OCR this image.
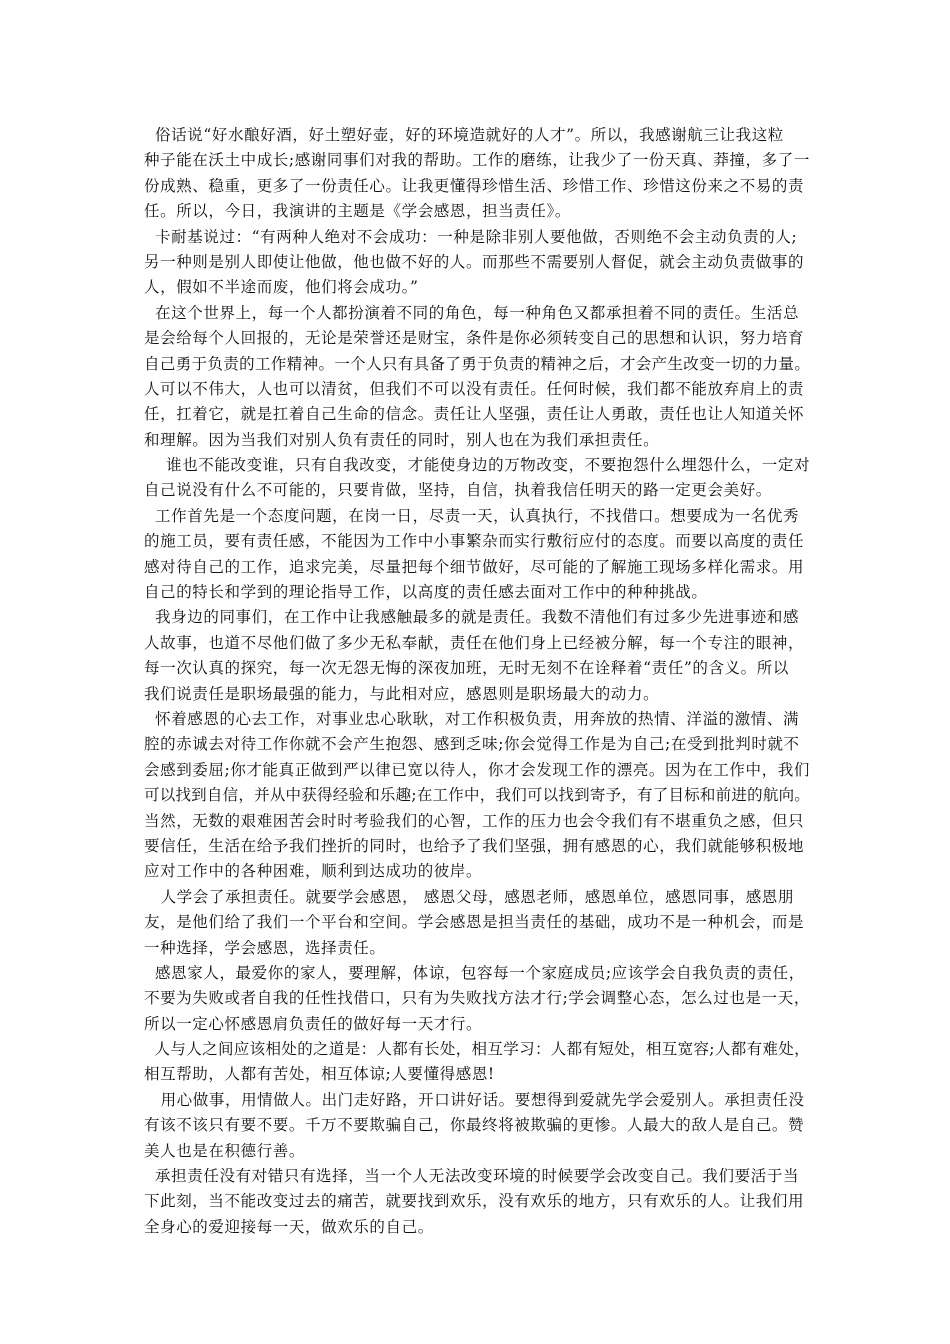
俗话说“好水酿好酒，好土塑好壶，好的环境造就好的人才”。所以，我感谢航三让我这粒
种子能在沃土中成长;感谢同事们对我的帮助。工作的磨练，让我少了一份天真、莽撞，多了一
份成熟、稳重，更多了一份责任心。让我更懂得珍惜生活、珍惜工作、珍惜这份来之不易的责
任。所以，今日，我演讲的主题是《学会感恩，担当责任》。
卡耐基说过：“有两种人绝对不会成功：一种是除非别人要他做，否则绝不会主动负责的人;
另一种则是别人即使让他做，他也做不好的人。而那些不需要别人督促，就会主动负责做事的
人，假如不半途而废，他们将会成功。”
在这个世界上，每一个人都扮演着不同的角色，每一种角色又都承担着不同的责任。生活总
是会给每个人回报的，无论是荣誉还是财宝，条件是你必须转变自己的思想和认识，努力培育
自己勇于负责的工作精神。一个人只有具备了勇于负责的精神之后，才会产生改变一切的力量。
人可以不伟大，人也可以清贫，但我们不可以没有责任。任何时候，我们都不能放弃肩上的责
任，扛着它，就是扛着自己生命的信念。责任让人坚强，责任让人勇敢，责任也让人知道关怀
和理解。因为当我们对别人负有责任的同时，别人也在为我们承担责任。
谁也不能改变谁，只有自我改变，才能使身边的万物改变，不要抱怨什么埋怨什么，一定对
自己说没有什么不可能的，只要肯做，坚持，自信，执着我信任明天的路一定更会美好。
工作首先是一个态度问题，在岗一日，尽责一天，认真执行，不找借口。想要成为一名优秀
的施工员，要有责任感，不能因为工作中小事繁杂而实行敷衍应付的态度。而要以高度的责任
感对待自己的工作，追求完美，尽量把每个细节做好，尽可能的了解施工现场多样化需求。用
自己的特长和学到的理论指导工作，以高度的责任感去面对工作中的种种挑战。
我身边的同事们，在工作中让我感触最多的就是责任。我数不清他们有过多少先进事迹和感
人故事，也道不尽他们做了多少无私奉献，责任在他们身上已经被分解，每一个专注的眼神，
每一次认真的探究，每一次无怨无悔的深夜加班，无时无刻不在诠释着“责任”的含义。所以
我们说责任是职场最强的能力，与此相对应，感恩则是职场最大的动力。
怀着感恩的心去工作，对事业忠心耿耿，对工作积极负责，用奔放的热情、洋溢的激情、满
腔的赤诚去对待工作你就不会产生抱怨、感到乏味;你会觉得工作是为自己;在受到批判时就不
会感到委屈;你才能真正做到严以律已宽以待人，你才会发现工作的漂亮。因为在工作中，我们
可以找到自信，并从中获得经验和乐趣;在工作中，我们可以找到寄予，有了目标和前进的航向。
当然，无数的艰难困苦会时时考验我们的心智，工作的压力也会令我们有不堪重负之感，但只
要信任，生活在给予我们挫折的同时，也给予了我们坚强，拥有感恩的心，我们就能够积极地
应对工作中的各种困难，顺利到达成功的彼岸。
人学会了承担责任。就要学会感恩， 感恩父母，感恩老师，感恩单位，感恩同事，感恩朋
友，是他们给了我们一个平台和空间。学会感恩是担当责任的基础，成功不是一种机会，而是
一种选择，学会感恩，选择责任。
感恩家人，最爱你的家人，要理解，体谅，包容每一个家庭成员;应该学会自我负责的责任，
不要为失败或者自我的任性找借口，只有为失败找方法才行;学会调整心态，怎么过也是一天，
所以一定心怀感恩肩负责任的做好每一天才行。
人与人之间应该相处的之道是：人都有长处，相互学习：人都有短处，相互宽容;人都有难处，
相互帮助，人都有苦处，相互体谅;人要懂得感恩!
用心做事，用情做人。出门走好路，开口讲好话。要想得到爱就先学会爱别人。承担责任没
有该不该只有要不要。千万不要欺骗自己，你最终将被欺骗的更惨。人最大的敌人是自己。赞
美人也是在积德行善。
承担责任没有对错只有选择，当一个人无法改变环境的时候要学会改变自己。我们要活于当
下此刻，当不能改变过去的痛苦，就要找到欢乐，没有欢乐的地方，只有欢乐的人。让我们用
全身心的爱迎接每一天，做欢乐的自己。
